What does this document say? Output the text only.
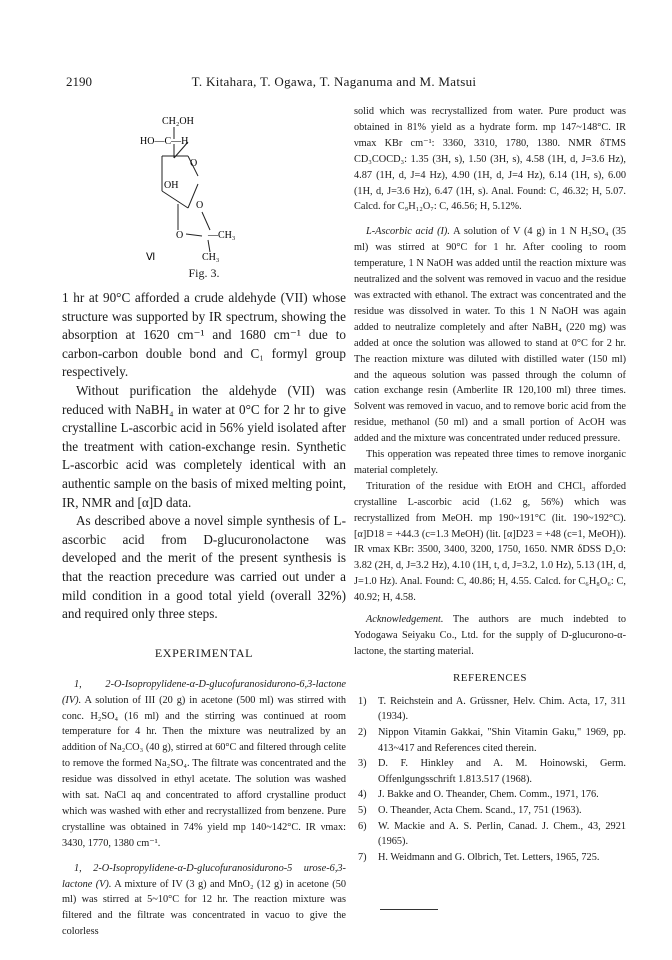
2190	T. Kitahara, T. Ogawa, T. Naganuma and M. Matsui
CH₂OH
HO—C—H
O
OH
O
O —CH₃
CH₃
Ⅵ
Fig. 3.

1 hr at 90°C afforded a crude aldehyde (VII) whose structure was supported by IR spectrum, showing the absorption at 1620 cm⁻¹ and 1680 cm⁻¹ due to carbon-carbon double bond and C₁ formyl group respectively.

Without purification the aldehyde (VII) was reduced with NaBH₄ in water at 0°C for 2 hr to give crystalline L-ascorbic acid in 56% yield isolated after the treatment with cation-exchange resin. Synthetic L-ascorbic acid was completely identical with an authentic sample on the basis of mixed melting point, IR, NMR and [α]D data.

As described above a novel simple synthesis of L-ascorbic acid from D-glucuronolactone was developed and the merit of the present synthesis is that the reaction precedure was carried out under a mild condition in a good total yield (overall 32%) and required only three steps.

EXPERIMENTAL

1, 2-O-Isopropylidene-α-D-glucofuranosidurono-6,3-lactone (IV). A solution of III (20 g) in acetone (500 ml) was stirred with conc. H₂SO₄ (16 ml) and the stirring was continued at room temperature for 4 hr. Then the mixture was neutralized by an addition of Na₂CO₃ (40 g), stirred at 60°C and filtered through celite to remove the formed Na₂SO₄. The filtrate was concentrated and the residue was dissolved in ethyl acetate. The solution was washed with sat. NaCl aq and concentrated to afford crystalline product which was washed with ether and recrystallized from benzene. Pure crystalline was obtained in 74% yield mp 140~142°C. IR νmax: 3430, 1770, 1380 cm⁻¹.

1, 2-O-Isopropylidene-α-D-glucofuranosidurono-5 urose-6,3-lactone (V). A mixture of IV (3 g) and MnO₂ (12 g) in acetone (50 ml) was stirred at 5~10°C for 12 hr. The reaction mixture was filtered and the filtrate was concentrated in vacuo to give the colorless

solid which was recrystallized from water. Pure product was obtained in 81% yield as a hydrate form. mp 147~148°C. IR νmax KBr cm⁻¹: 3360, 3310, 1780, 1380. NMR δTMS CD₃COCD₃: 1.35 (3H, s), 1.50 (3H, s), 4.58 (1H, d, J=3.6 Hz), 4.87 (1H, d, J=4 Hz), 4.90 (1H, d, J=4 Hz), 6.14 (1H, s), 6.00 (1H, d, J=3.6 Hz), 6.47 (1H, s). Anal. Found: C, 46.32; H, 5.07. Calcd. for C₉H₁₂O₇: C, 46.56; H, 5.12%.

L-Ascorbic acid (I). A solution of V (4 g) in 1 N H₂SO₄ (35 ml) was stirred at 90°C for 1 hr. After cooling to room temperature, 1 N NaOH was added until the reaction mixture was neutralized and the solvent was removed in vacuo and the residue was extracted with ethanol. The extract was concentrated and the residue was dissolved in water. To this 1 N NaOH was again added to neutralize completely and after NaBH₄ (220 mg) was added at once the solution was allowed to stand at 0°C for 2 hr. The reaction mixture was diluted with distilled water (150 ml) and the aqueous solution was passed through the column of cation exchange resin (Amberlite IR 120,100 ml) three times. Solvent was removed in vacuo, and to remove boric acid from the residue, methanol (50 ml) and a small portion of AcOH was added and the mixture was concentrated under reduced pressure.

This opperation was repeated three times to remove inorganic material completely.

Trituration of the residue with EtOH and CHCl₃ afforded crystalline L-ascorbic acid (1.62 g, 56%) which was recrystallized from MeOH. mp 190~191°C (lit. 190~192°C). [α]D18 = +44.3 (c=1.3 MeOH) (lit. [α]D23 = +48 (c=1, MeOH)). IR νmax KBr: 3500, 3400, 3200, 1750, 1650. NMR δDSS D₂O: 3.82 (2H, d, J=3.2 Hz), 4.10 (1H, t, d, J=3.2, 1.0 Hz), 5.13 (1H, d, J=1.0 Hz). Anal. Found: C, 40.86; H, 4.55. Calcd. for C₆H₈O₆: C, 40.92; H, 4.58.

Acknowledgement. The authors are much indebted to Yodogawa Seiyaku Co., Ltd. for the supply of D-glucurono-α-lactone, the starting material.

REFERENCES
1) T. Reichstein and A. Grüssner, Helv. Chim. Acta, 17, 311 (1934).
2) Nippon Vitamin Gakkai, "Shin Vitamin Gaku," 1969, pp. 413~417 and References cited therein.
3) D. F. Hinkley and A. M. Hoinowski, Germ. Offenlgungsschrift 1.813.517 (1968).
4) J. Bakke and O. Theander, Chem. Comm., 1971, 176.
5) O. Theander, Acta Chem. Scand., 17, 751 (1963).
6) W. Mackie and A. S. Perlin, Canad. J. Chem., 43, 2921 (1965).
7) H. Weidmann and G. Olbrich, Tet. Letters, 1965, 725.
